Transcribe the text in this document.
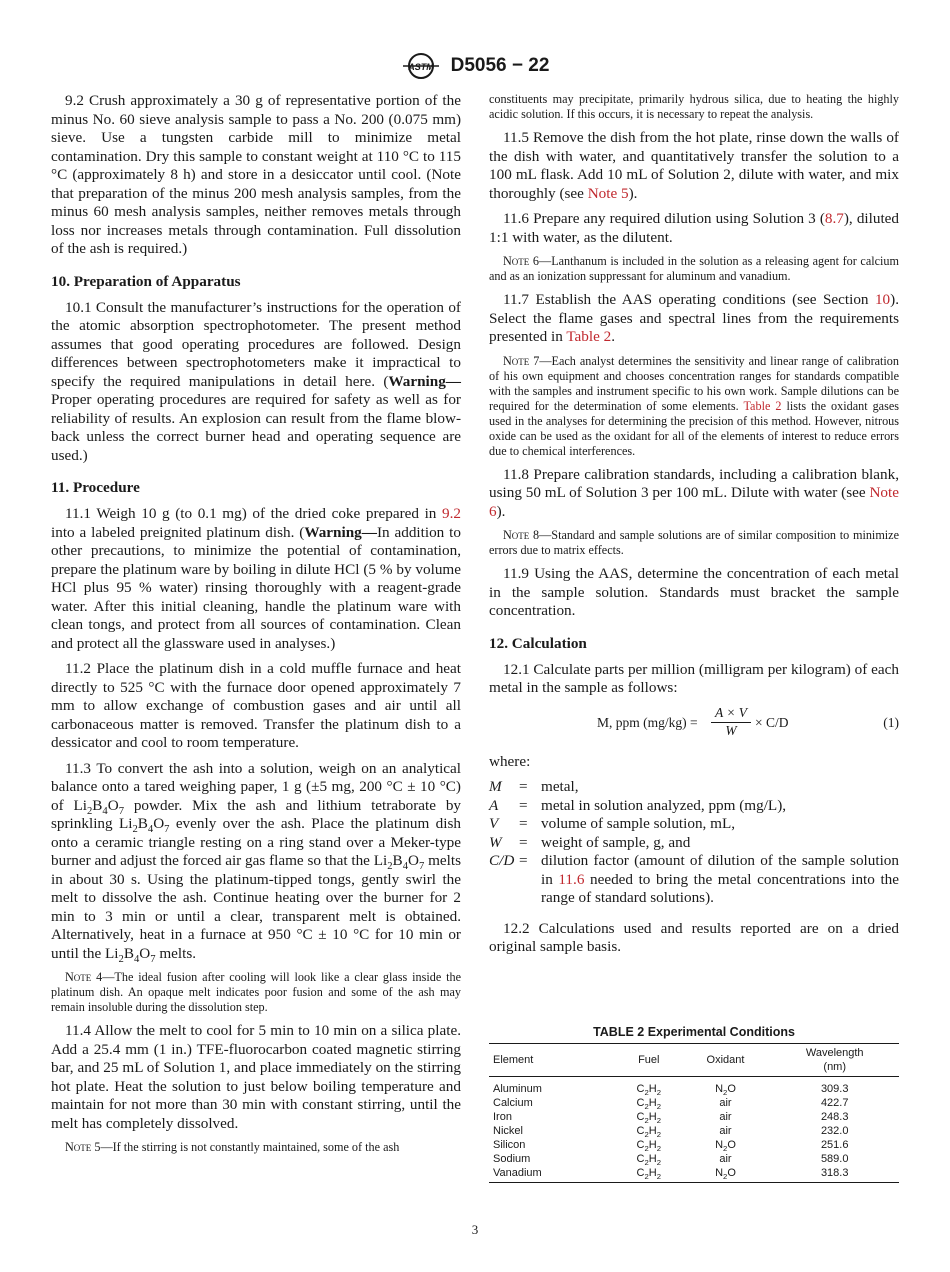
ASTM D5056 − 22

9.2 Crush approximately a 30 g of representative portion of the minus No. 60 sieve analysis sample to pass a No. 200 (0.075 mm) sieve. Use a tungsten carbide mill to minimize metal contamination. Dry this sample to constant weight at 110 °C to 115 °C (approximately 8 h) and store in a desiccator until cool. (Note that preparation of the minus 200 mesh analysis samples, from the minus 60 mesh analysis samples, neither removes metals through loss nor increases metals through contamination. Full dissolution of the ash is required.)

10. Preparation of Apparatus

10.1 Consult the manufacturer’s instructions for the operation of the atomic absorption spectrophotometer. The present method assumes that good operating procedures are followed. Design differences between spectrophotometers make it impractical to specify the required manipulations in detail here. (Warning—Proper operating procedures are required for safety as well as for reliability of results. An explosion can result from the flame blow-back unless the correct burner head and operating sequence are used.)

11. Procedure

11.1 Weigh 10 g (to 0.1 mg) of the dried coke prepared in 9.2 into a labeled preignited platinum dish. (Warning—In addition to other precautions, to minimize the potential of contamination, prepare the platinum ware by boiling in dilute HCl (5 % by volume HCl plus 95 % water) rinsing thoroughly with a reagent-grade water. After this initial cleaning, handle the platinum ware with clean tongs, and protect from all sources of contamination. Clean and protect all the glassware used in analyses.)

11.2 Place the platinum dish in a cold muffle furnace and heat directly to 525 °C with the furnace door opened approximately 7 mm to allow exchange of combustion gases and air until all carbonaceous matter is removed. Transfer the platinum dish to a dessicator and cool to room temperature.

11.3 To convert the ash into a solution, weigh on an analytical balance onto a tared weighing paper, 1 g (±5 mg, 200 °C ± 10 °C) of $Li_2B_4O_7$ powder. Mix the ash and lithium tetraborate by sprinkling $Li_2B_4O_7$ evenly over the ash. Place the platinum dish onto a ceramic triangle resting on a ring stand over a Meker-type burner and adjust the forced air gas flame so that the $Li_2B_4O_7$ melts in about 30 s. Using the platinum-tipped tongs, gently swirl the melt to dissolve the ash. Continue heating over the burner for 2 min to 3 min or until a clear, transparent melt is obtained. Alternatively, heat in a furnace at 950 °C ± 10 °C for 10 min or until the $Li_2B_4O_7$ melts.

Note 4—The ideal fusion after cooling will look like a clear glass inside the platinum dish. An opaque melt indicates poor fusion and some of the ash may remain insoluble during the dissolution step.

11.4 Allow the melt to cool for 5 min to 10 min on a silica plate. Add a 25.4 mm (1 in.) TFE-fluorocarbon coated magnetic stirring bar, and 25 mL of Solution 1, and place immediately on the stirring hot plate. Heat the solution to just below boiling temperature and maintain for not more than 30 min with constant stirring, until the melt has completely dissolved.

Note 5—If the stirring is not constantly maintained, some of the ash

constituents may precipitate, primarily hydrous silica, due to heating the highly acidic solution. If this occurs, it is necessary to repeat the analysis.

11.5 Remove the dish from the hot plate, rinse down the walls of the dish with water, and quantitatively transfer the solution to a 100 mL flask. Add 10 mL of Solution 2, dilute with water, and mix thoroughly (see Note 5).

11.6 Prepare any required dilution using Solution 3 (8.7), diluted 1:1 with water, as the dilutent.

Note 6—Lanthanum is included in the solution as a releasing agent for calcium and as an ionization suppressant for aluminum and vanadium.

11.7 Establish the AAS operating conditions (see Section 10). Select the flame gases and spectral lines from the requirements presented in Table 2.

Note 7—Each analyst determines the sensitivity and linear range of calibration of his own equipment and chooses concentration ranges for standards compatible with the samples and instrument specific to his own work. Sample dilutions can be required for the determination of some elements. Table 2 lists the oxidant gases used in the analyses for determining the precision of this method. However, nitrous oxide can be used as the oxidant for all of the elements of interest to reduce errors due to chemical interferences.

11.8 Prepare calibration standards, including a calibration blank, using 50 mL of Solution 3 per 100 mL. Dilute with water (see Note 6).

Note 8—Standard and sample solutions are of similar composition to minimize errors due to matrix effects.

11.9 Using the AAS, determine the concentration of each metal in the sample solution. Standards must bracket the sample concentration.

12. Calculation

12.1 Calculate parts per million (milligram per kilogram) of each metal in the sample as follows:

M, ppm $(mg/kg) = \frac{A \times V}{W} \times C/D$	(1)

where:

M	=	metal,
A	=	metal in solution analyzed, ppm (mg/L),
V	=	volume of sample solution, mL,
W	=	weight of sample, g, and
C/D	=	dilution factor (amount of dilution of the sample solution in 11.6 needed to bring the metal concentrations into the range of standard solutions).

12.2 Calculations used and results reported are on a dried original sample basis.

TABLE 2 Experimental Conditions
Element	Fuel	Oxidant	Wavelength
(nm)
Aluminum	$C_2H_2$	$N_2O$	309.3
Calcium	$C_2H_2$	air	422.7
Iron	$C_2H_2$	air	248.3
Nickel	$C_2H_2$	air	232.0
Silicon	$C_2H_2$	$N_2O$	251.6
Sodium	$C_2H_2$	air	589.0
Vanadium	$C_2H_2$	$N_2O$	318.3
3
